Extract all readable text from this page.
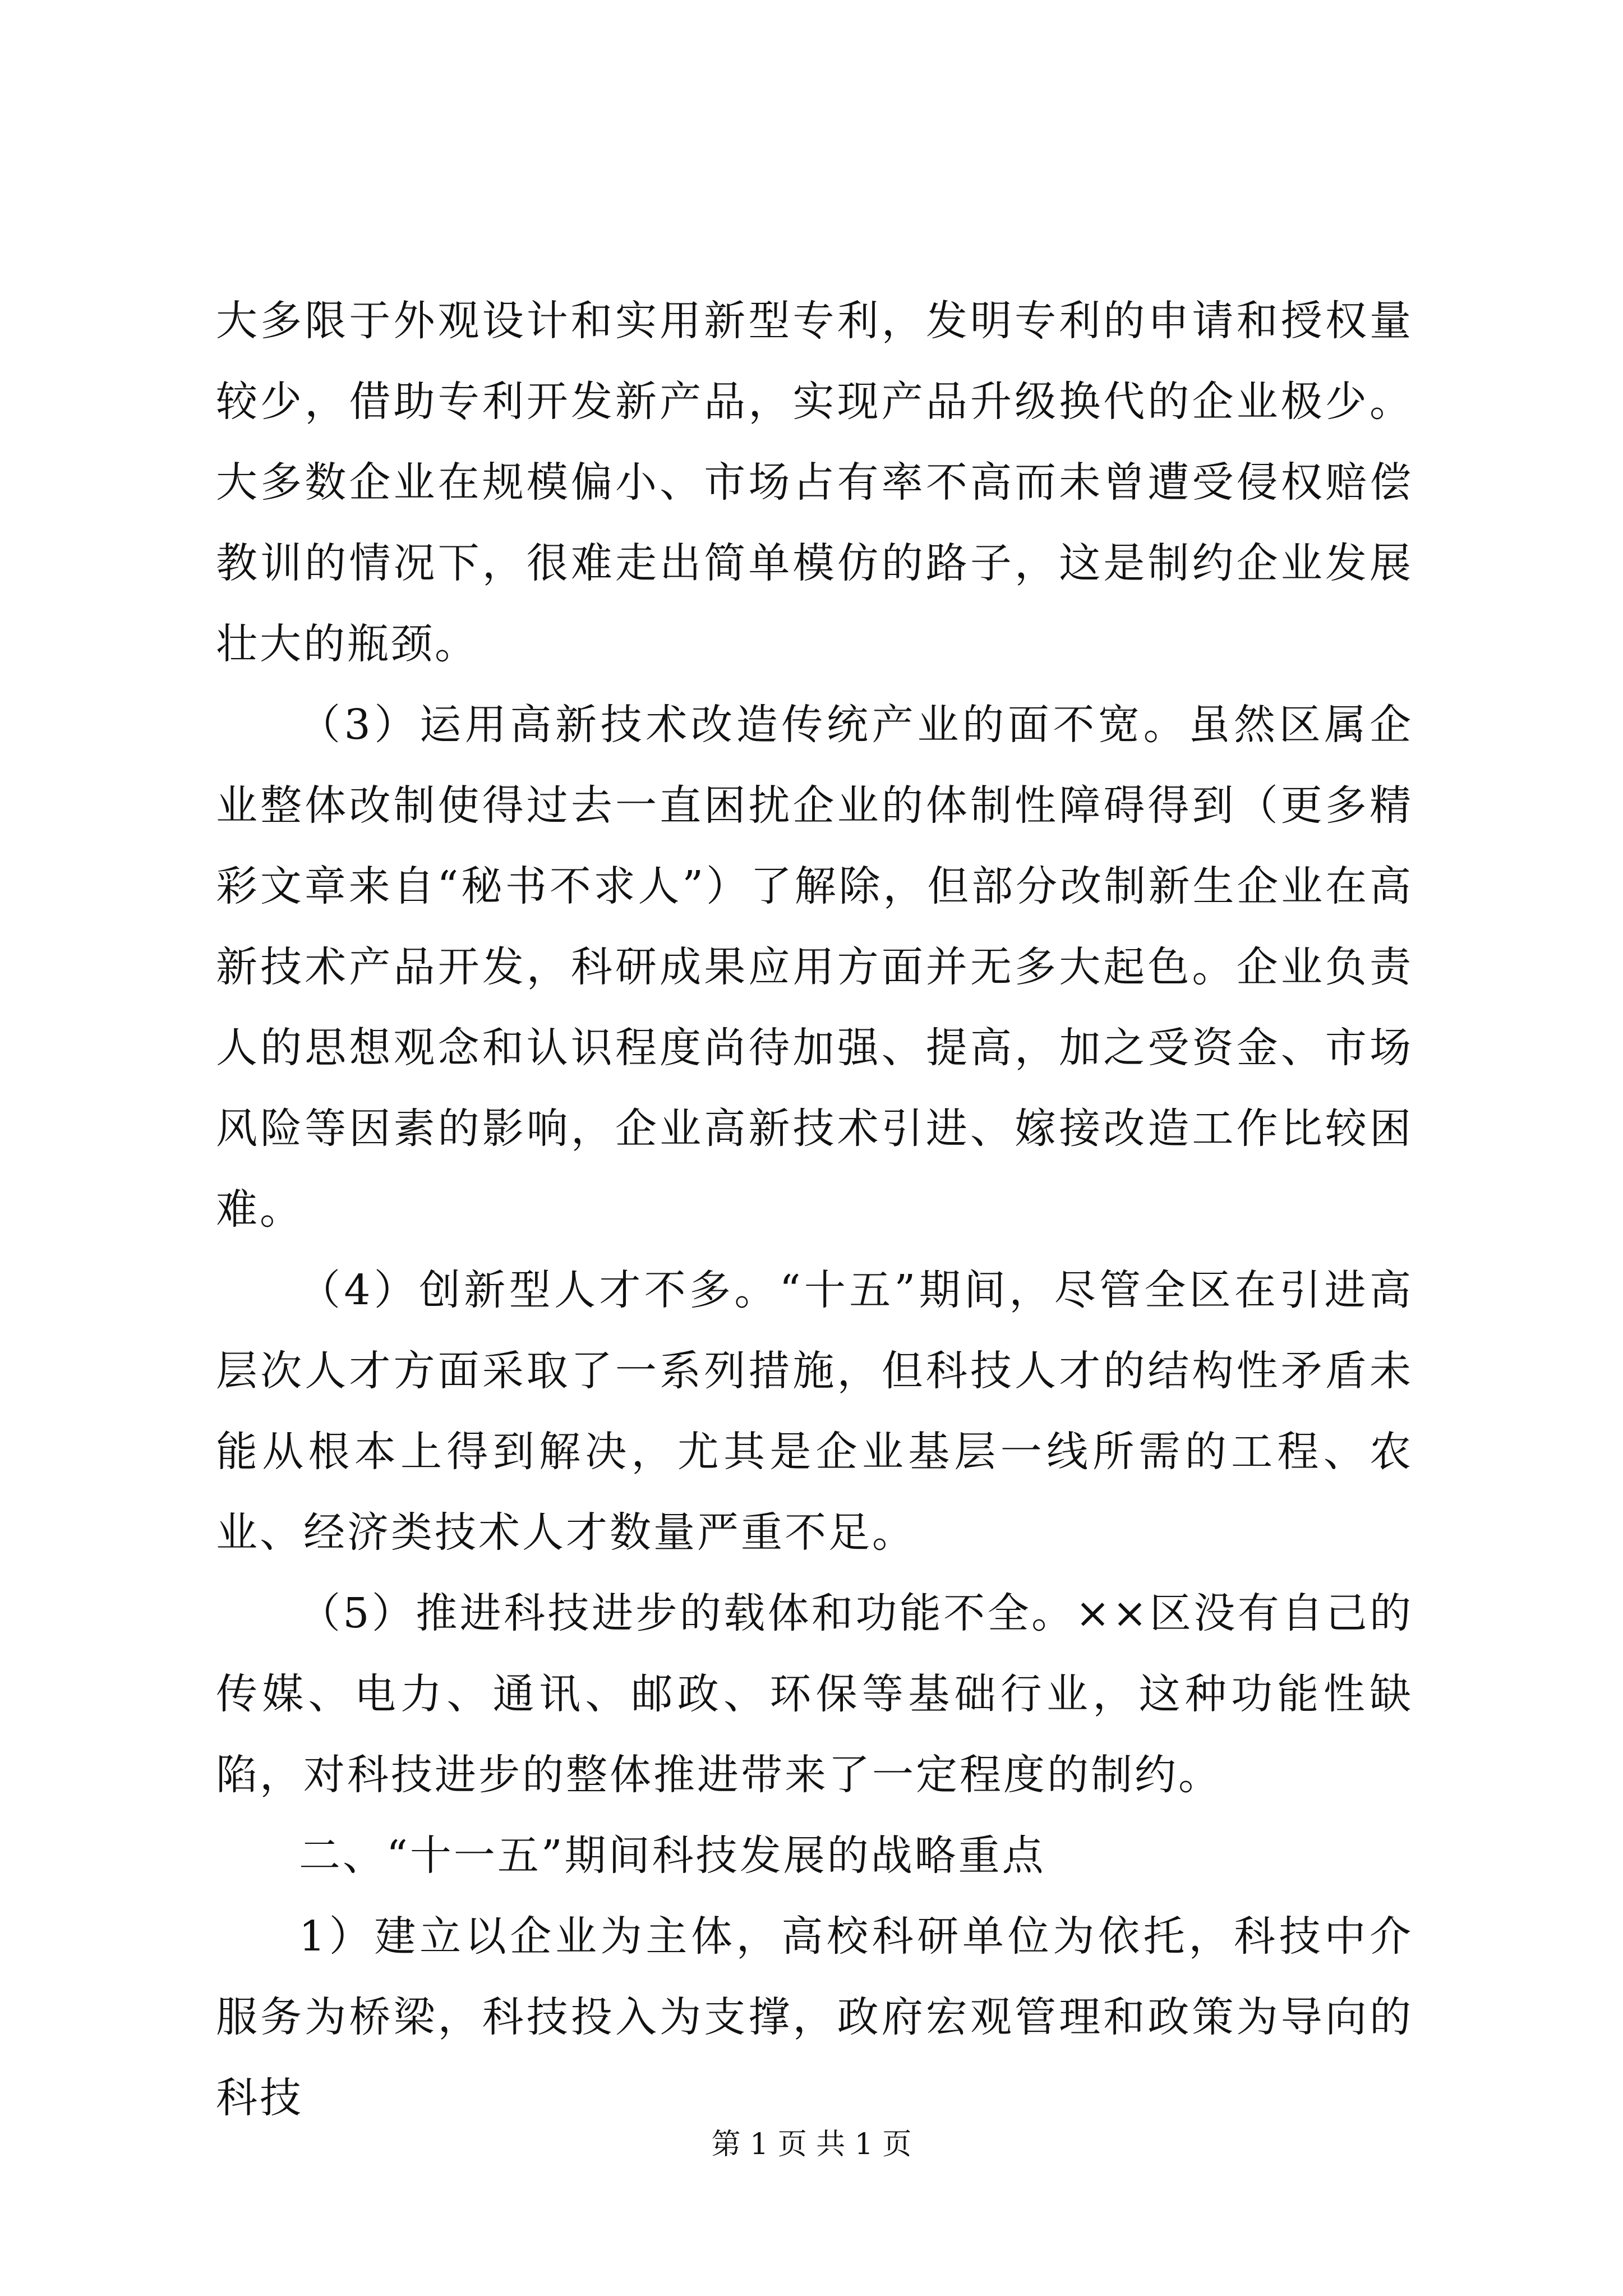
大多限于外观设计和实用新型专利，发明专利的申请和授权量较少，借助专利开发新产品，实现产品升级换代的企业极少。大多数企业在规模偏小、市场占有率不高而未曾遭受侵权赔偿教训的情况下，很难走出简单模仿的路子，这是制约企业发展壮大的瓶颈。

（3）运用高新技术改造传统产业的面不宽。虽然区属企业整体改制使得过去一直困扰企业的体制性障碍得到（更多精彩文章来自“秘书不求人”）了解除，但部分改制新生企业在高新技术产品开发，科研成果应用方面并无多大起色。企业负责人的思想观念和认识程度尚待加强、提高，加之受资金、市场风险等因素的影响，企业高新技术引进、嫁接改造工作比较困难。

（4）创新型人才不多。“十五”期间，尽管全区在引进高层次人才方面采取了一系列措施，但科技人才的结构性矛盾未能从根本上得到解决，尤其是企业基层一线所需的工程、农业、经济类技术人才数量严重不足。

（5）推进科技进步的载体和功能不全。××区没有自己的传媒、电力、通讯、邮政、环保等基础行业，这种功能性缺陷，对科技进步的整体推进带来了一定程度的制约。

二、“十一五”期间科技发展的战略重点

1）建立以企业为主体，高校科研单位为依托，科技中介服务为桥梁，科技投入为支撑，政府宏观管理和政策为导向的科技

第 1 页 共 1 页
